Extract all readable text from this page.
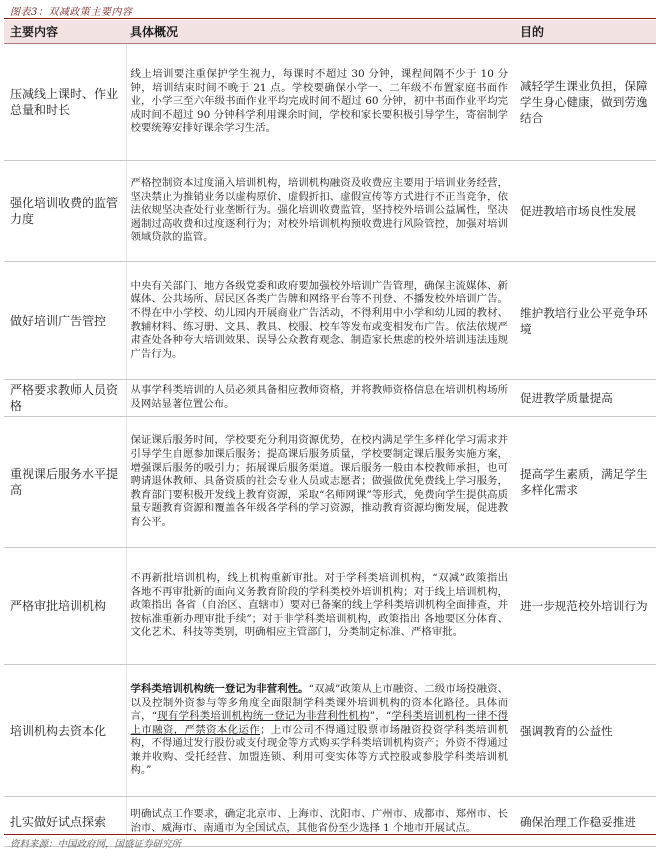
图表3：双减政策主要内容
主要内容	具体概况	目的
压减线上课时、作业总量和时长	线上培训要注重保护学生视力，每课时不超过 30 分钟，课程间隔不少于 10 分钟，培训结束时间不晚于 21 点。学校要确保小学一、二年级不布置家庭书面作业，小学三至六年级书面作业平均完成时间不超过 60 分钟，初中书面作业平均完成时间不超过 90 分钟科学利用课余时间，学校和家长要积极引导学生，寄宿制学校要统筹安排好课余学习生活。	减轻学生课业负担，保障学生身心健康，做到劳逸结合
强化培训收费的监管力度	严格控制资本过度涌入培训机构，培训机构融资及收费应主要用于培训业务经营，坚决禁止为推销业务以虚构原价、虚假折扣、虚假宣传等方式进行不正当竞争，依法依规坚决查处行业垄断行为。强化培训收费监管，坚持校外培训公益属性，坚决遏制过高收费和过度逐利行为；对校外培训机构预收费进行风险管控，加强对培训领域贷款的监管。	促进教培市场良性发展
做好培训广告管控	中央有关部门、地方各级党委和政府要加强校外培训广告管理，确保主流媒体、新媒体、公共场所、居民区各类广告牌和网络平台等不刊登、不播发校外培训广告。不得在中小学校、幼儿园内开展商业广告活动，不得利用中小学和幼儿园的教材、教辅材料、练习册、文具、教具、校服、校车等发布或变相发布广告。依法依规严肃查处各种夸大培训效果、误导公众教育观念、制造家长焦虑的校外培训违法违规广告行为。	维护教培行业公平竞争环境
严格要求教师人员资格	从事学科类培训的人员必须具备相应教师资格，并将教师资格信息在培训机构场所及网站显著位置公布。	促进教学质量提高
重视课后服务水平提高	保证课后服务时间，学校要充分利用资源优势，在校内满足学生多样化学习需求并引导学生自愿参加课后服务；提高课后服务质量，学校要制定课后服务实施方案，增强课后服务的吸引力；拓展课后服务渠道。课后服务一般由本校教师承担，也可聘请退休教师、具备资质的社会专业人员或志愿者；做强做优免费线上学习服务，教育部门要积极开发线上教育资源，采取“名师网课”等形式，免费向学生提供高质量专题教育资源和覆盖各年级各学科的学习资源，推动教育资源均衡发展，促进教育公平。	提高学生素质，满足学生多样化需求
严格审批培训机构	不再新批培训机构，线上机构重新审批。对于学科类培训机构，“双减”政策指出 各地不再审批新的面向义务教育阶段的学科类校外培训机构；对于线上培训机构，政策指出 各省（自治区、直辖市）要对已备案的线上学科类培训机构全面排查，并按标准重新办理审批手续”；对于非学科类培训机构，政策指出 各地要区分体育、文化艺术、科技等类别，明确相应主管部门，分类制定标准、严格审批。	进一步规范校外培训行为
培训机构去资本化	学科类培训机构统一登记为非营利性。“双减”政策从上市融资、二级市场投融资、以及控制外资参与等多角度全面限制学科类课外培训机构的资本化路径。具体而言，“现有学科类培训机构统一登记为非营利性机构”，“学科类培训机构一律不得上市融资，严禁资本化运作；上市公司不得通过股票市场融资投资学科类培训机构，不得通过发行股份或支付现金等方式购买学科类培训机构资产；外资不得通过兼并收购、受托经营、加盟连锁、利用可变实体等方式控股或参股学科类培训机构。”	强调教育的公益性
扎实做好试点探索	明确试点工作要求，确定北京市、上海市、沈阳市、广州市、成都市、郑州市、长治市、威海市、南通市为全国试点，其他省份至少选择 1 个地市开展试点。	确保治理工作稳妥推进
资料来源：中国政府网，国盛证券研究所
